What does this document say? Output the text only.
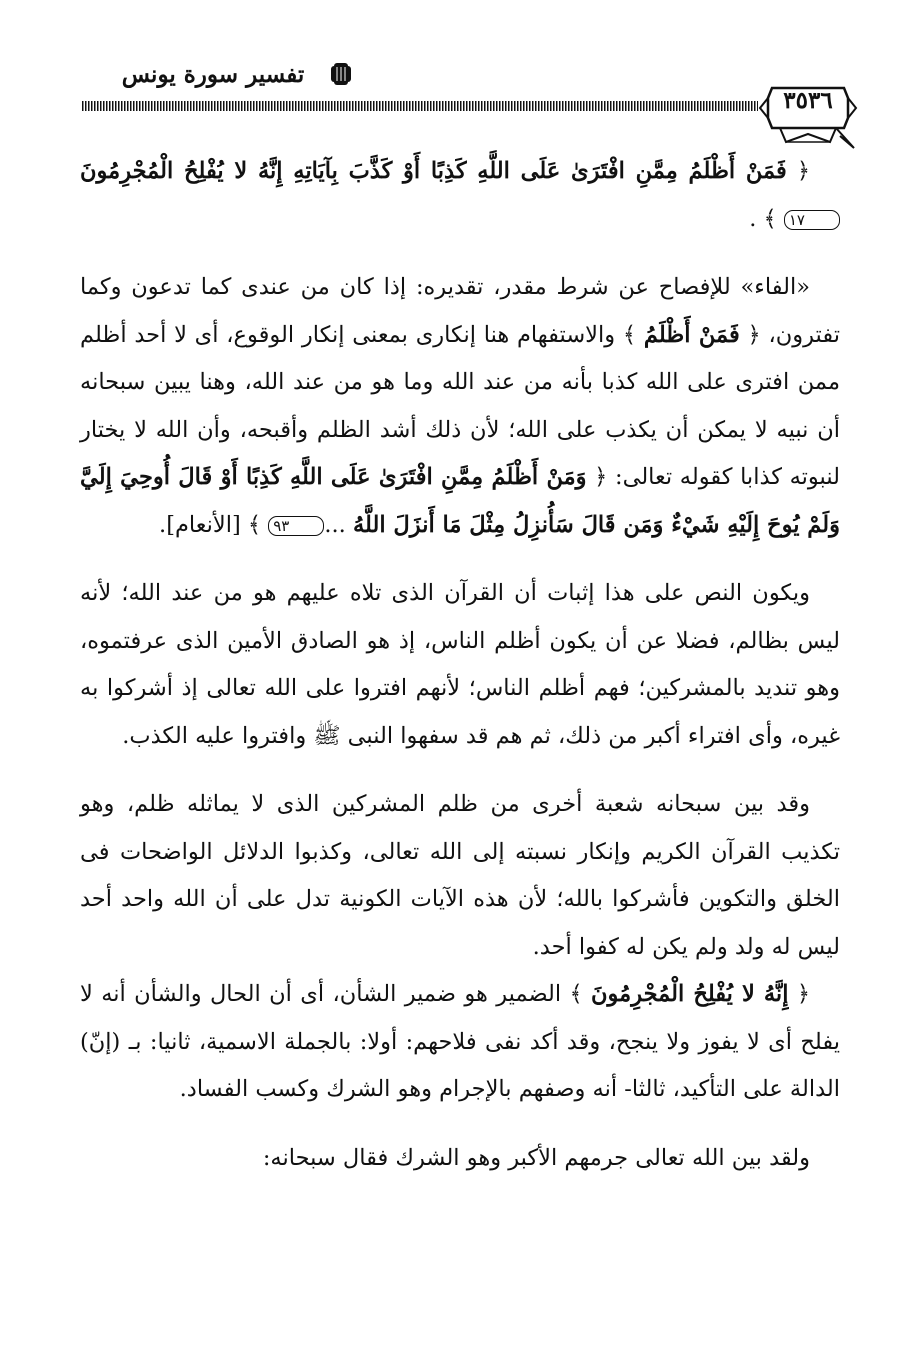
تفسير سورة يونس
٣٥٣٦

﴿ فَمَنْ أَظْلَمُ مِمَّنِ افْتَرَىٰ عَلَى اللَّهِ كَذِبًا أَوْ كَذَّبَ بِآيَاتِهِ إِنَّهُ لا يُفْلِحُ الْمُجْرِمُونَ١٧ ﴾ .

«الفاء» للإفصاح عن شرط مقدر، تقديره: إذا كان من عندى كما تدعون وكما تفترون، ﴿ فَمَنْ أَظْلَمُ ﴾ والاستفهام هنا إنكارى بمعنى إنكار الوقوع، أى لا أحد أظلم ممن افترى على الله كذبا بأنه من عند الله وما هو من عند الله، وهنا يبين سبحانه أن نبيه لا يمكن أن يكذب على الله؛ لأن ذلك أشد الظلم وأقبحه، وأن الله لا يختار لنبوته كذابا كقوله تعالى: ﴿ وَمَنْ أَظْلَمُ مِمَّنِ افْتَرَىٰ عَلَى اللَّهِ كَذِبًا أَوْ قَالَ أُوحِيَ إِلَيَّ وَلَمْ يُوحَ إِلَيْهِ شَيْءٌ وَمَن قَالَ سَأُنزِلُ مِثْلَ مَا أَنزَلَ اللَّهُ ...٩٣ ﴾ [الأنعام].

ويكون النص على هذا إثبات أن القرآن الذى تلاه عليهم هو من عند الله؛ لأنه ليس بظالم، فضلا عن أن يكون أظلم الناس، إذ هو الصادق الأمين الذى عرفتموه، وهو تنديد بالمشركين؛ فهم أظلم الناس؛ لأنهم افتروا على الله تعالى إذ أشركوا به غيره، وأى افتراء أكبر من ذلك، ثم هم قد سفهوا النبى ﷺ وافتروا عليه الكذب.

وقد بين سبحانه شعبة أخرى من ظلم المشركين الذى لا يماثله ظلم، وهو تكذيب القرآن الكريم وإنكار نسبته إلى الله تعالى، وكذبوا الدلائل الواضحات فى الخلق والتكوين فأشركوا بالله؛ لأن هذه الآيات الكونية تدل على أن الله واحد أحد ليس له ولد ولم يكن له كفوا أحد.

﴿ إِنَّهُ لا يُفْلِحُ الْمُجْرِمُونَ ﴾ الضمير هو ضمير الشأن، أى أن الحال والشأن أنه لا يفلح أى لا يفوز ولا ينجح، وقد أكد نفى فلاحهم: أولا: بالجملة الاسمية، ثانيا: بـ (إنّ) الدالة على التأكيد، ثالثا- أنه وصفهم بالإجرام وهو الشرك وكسب الفساد.

ولقد بين الله تعالى جرمهم الأكبر وهو الشرك فقال سبحانه:
